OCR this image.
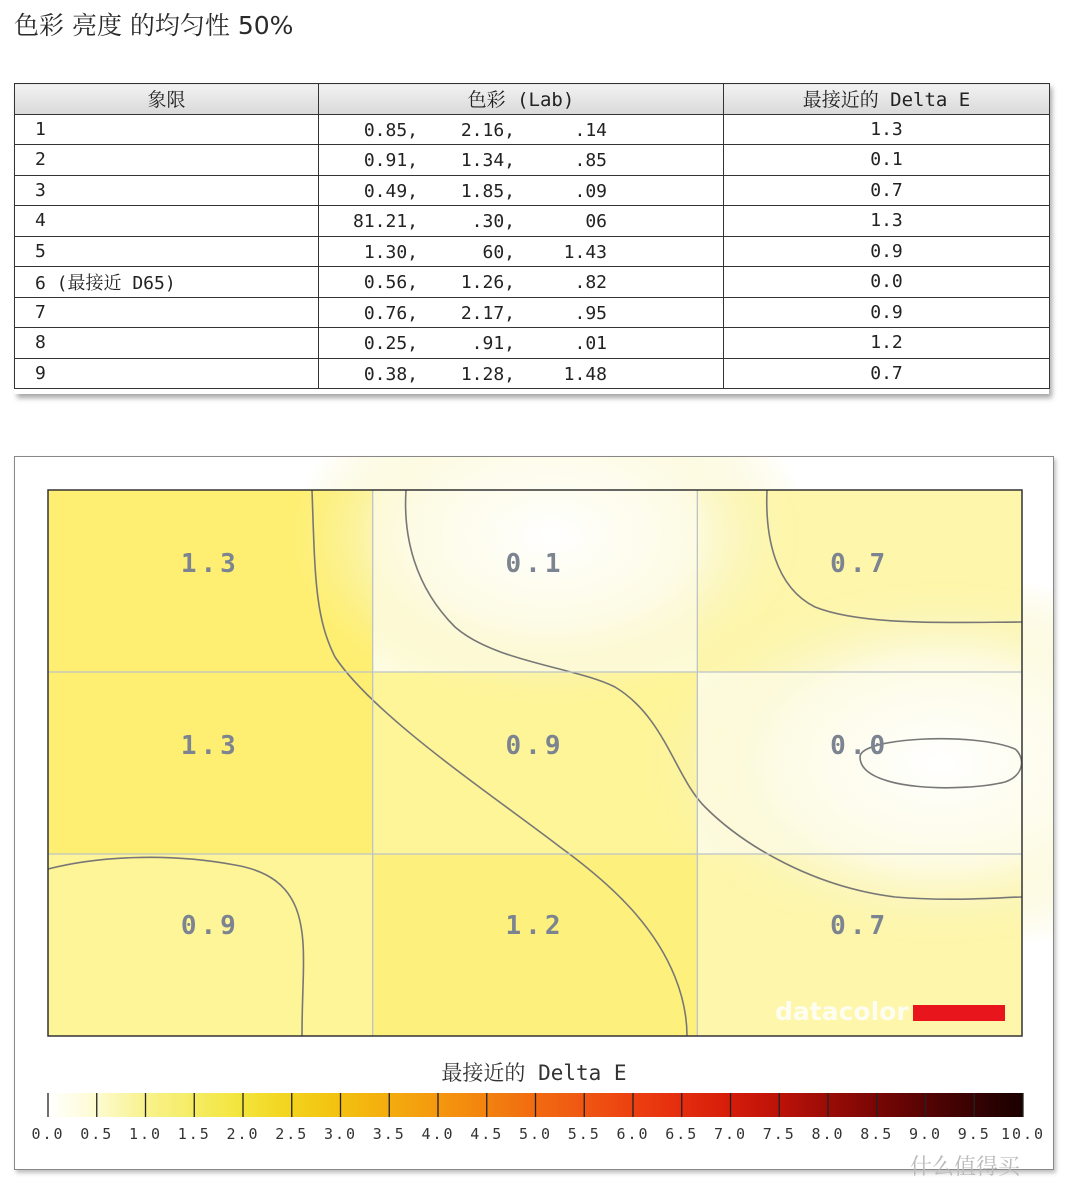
色彩 亮度 的均匀性 50%
象限	色彩 (Lab)	最接近的 Delta E
1	0.85, 2.16, .14	1.3
2	0.91, 1.34, .85	0.1
3	0.49, 1.85, .09	0.7
4	81.21, .30, 06	1.3
5	1.30, 60, 1.43	0.9
6 (最接近 D65)	0.56, 1.26, .82	0.0
7	0.76, 2.17, .95	0.9
8	0.25, .91, .01	1.2
9	0.38, 1.28, 1.48	0.7
1.3	0.1	0.7
1.3	0.9	0.0
0.9	1.2	0.7
datacolor
0.0 0.5 1.0 1.5 2.0 2.5 3.0 3.5 4.0 4.5 5.0 5.5 6.0 6.5 7.0 7.5 8.0 8.5 9.0 9.5 10.0
最接近的 Delta E
什么值得买
